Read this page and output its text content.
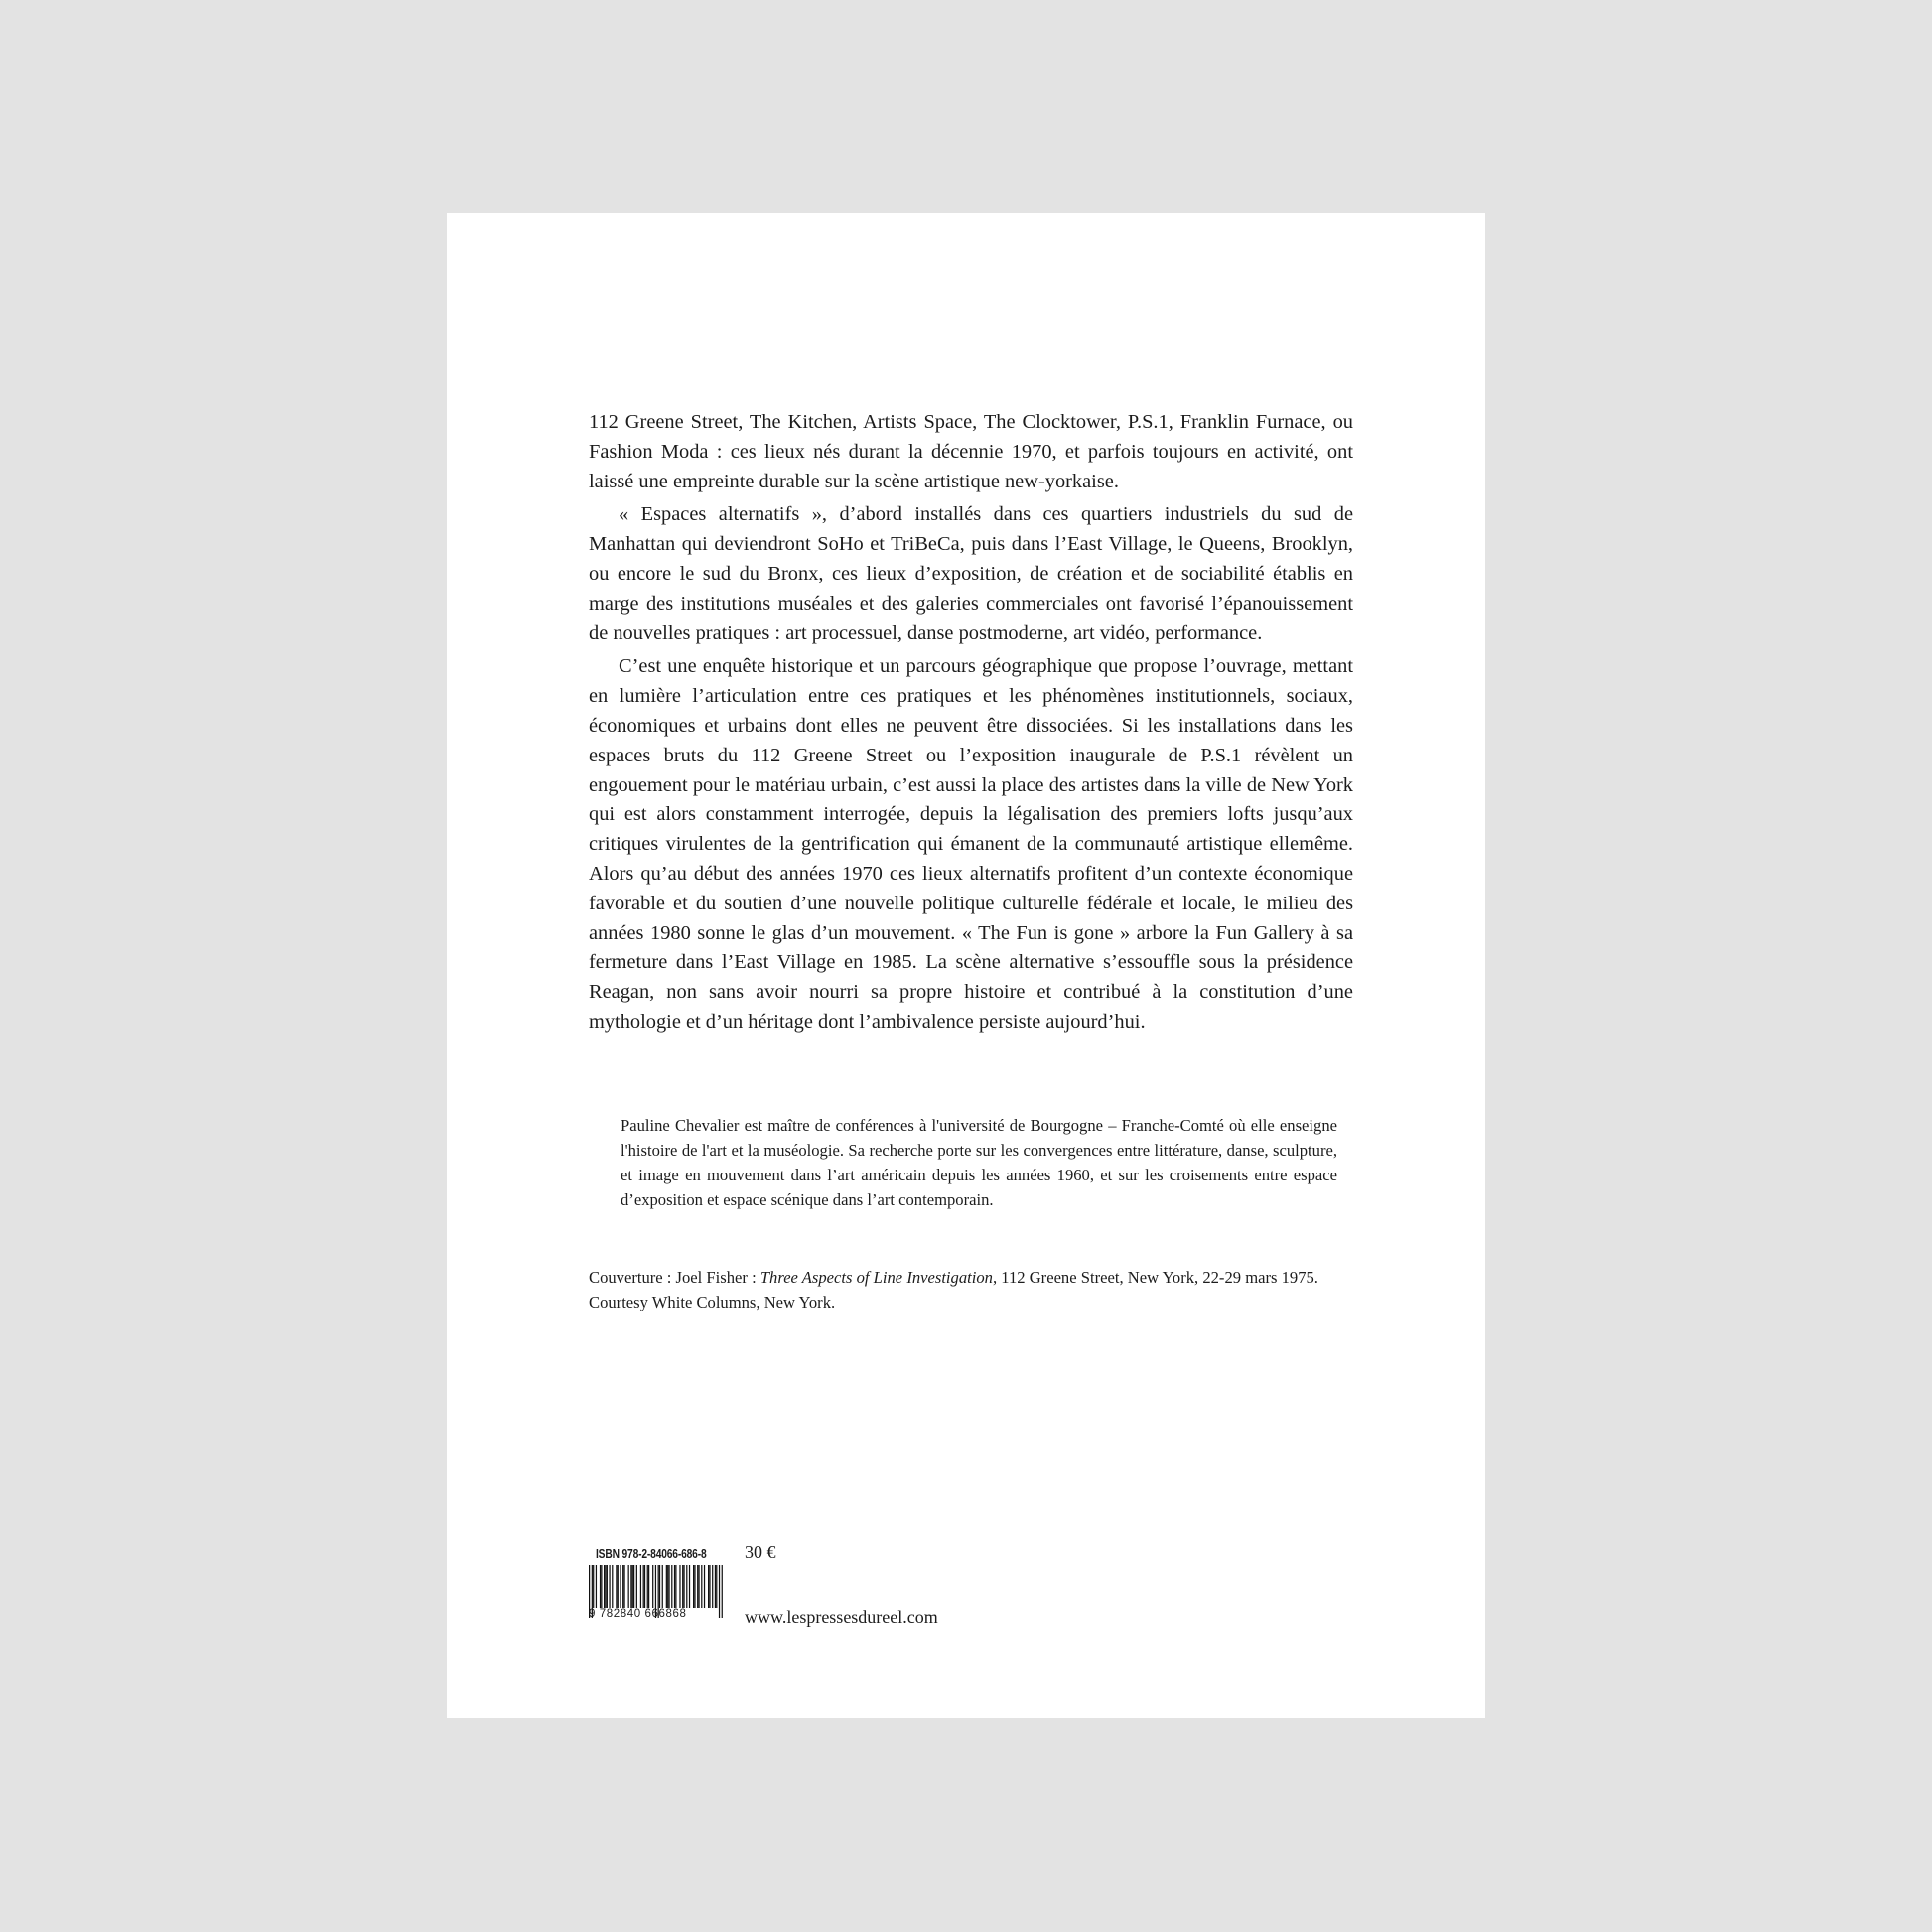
112 Greene Street, The Kitchen, Artists Space, The Clocktower, P.S.1, Franklin Furnace, ou Fashion Moda : ces lieux nés durant la décennie 1970, et parfois toujours en activité, ont laissé une empreinte durable sur la scène artistique new-yorkaise.

« Espaces alternatifs », d’abord installés dans ces quartiers industriels du sud de Manhattan qui deviendront SoHo et TriBeCa, puis dans l’East Village, le Queens, Brooklyn, ou encore le sud du Bronx, ces lieux d’exposition, de création et de sociabilité établis en marge des institutions muséales et des galeries commerciales ont favorisé l’épanouissement de nouvelles pratiques : art processuel, danse postmoderne, art vidéo, performance.

C’est une enquête historique et un parcours géographique que propose l’ouvrage, mettant en lumière l’articulation entre ces pratiques et les phénomènes institutionnels, sociaux, économiques et urbains dont elles ne peuvent être dissociées. Si les installations dans les espaces bruts du 112 Greene Street ou l’exposition inaugurale de P.S.1 révèlent un engouement pour le matériau urbain, c’est aussi la place des artistes dans la ville de New York qui est alors constamment interrogée, depuis la légalisation des premiers lofts jusqu’aux critiques virulentes de la gentrification qui émanent de la communauté artistique ellemême. Alors qu’au début des années 1970 ces lieux alternatifs profitent d’un contexte économique favorable et du soutien d’une nouvelle politique culturelle fédérale et locale, le milieu des années 1980 sonne le glas d’un mouvement. « The Fun is gone » arbore la Fun Gallery à sa fermeture dans l’East Village en 1985. La scène alternative s’essouffle sous la présidence Reagan, non sans avoir nourri sa propre histoire et contribué à la constitution d’une mythologie et d’un héritage dont l’ambivalence persiste aujourd’hui.

Pauline Chevalier est maître de conférences à l'université de Bourgogne – Franche-Comté où elle enseigne l'histoire de l'art et la muséologie. Sa recherche porte sur les convergences entre littérature, danse, sculpture, et image en mouvement dans l’art américain depuis les années 1960, et sur les croisements entre espace d’exposition et espace scénique dans l’art contemporain.

Couverture : Joel Fisher : Three Aspects of Line Investigation, 112 Greene Street, New York, 22-29 mars 1975.

Courtesy White Columns, New York.

ISBN 978-2-84066-686-8 30 €
9 782840 666868	www.lespressesdureel.com
